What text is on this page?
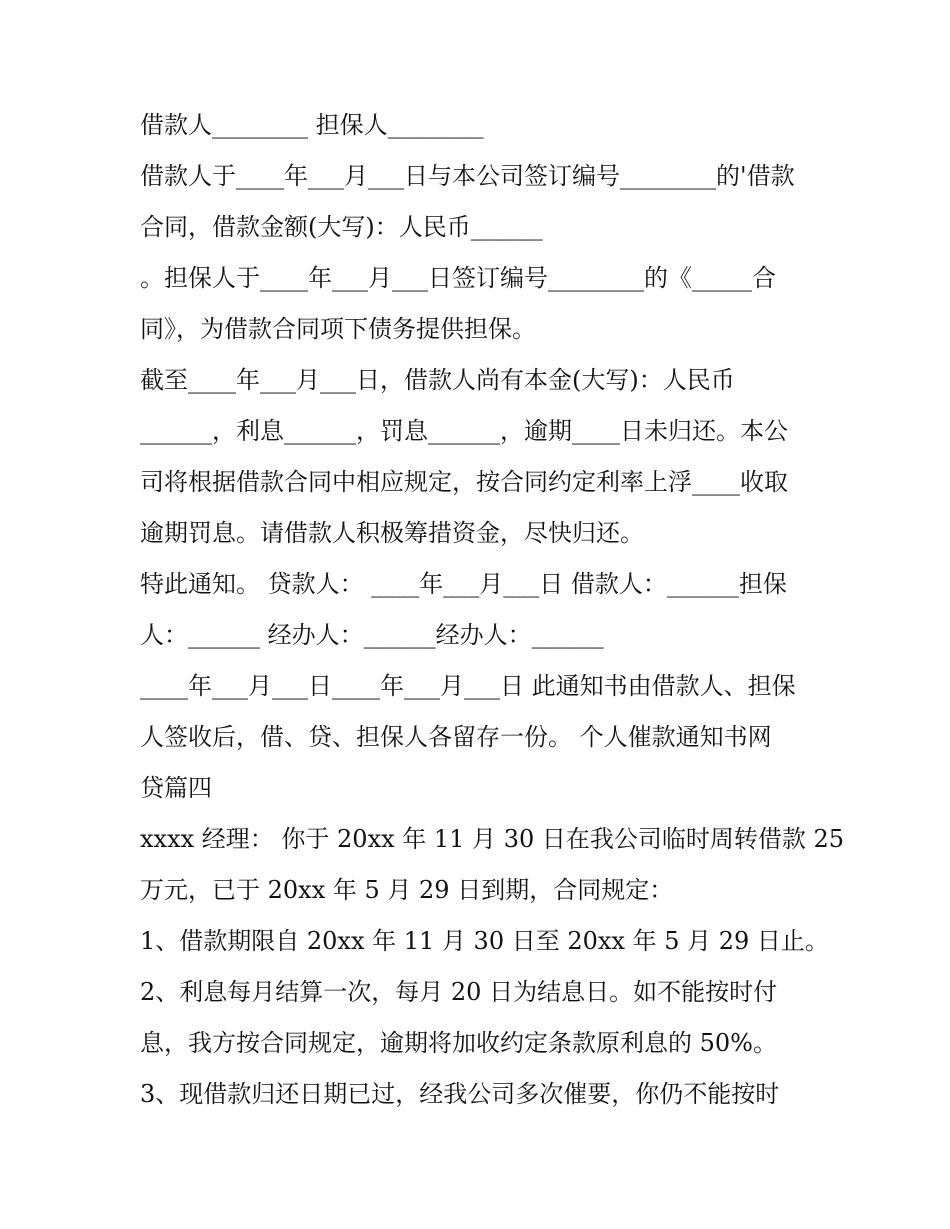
借款人________ 担保人________
借款人于____年___月___日与本公司签订编号________的'借款
合同，借款金额(大写)：人民币______
。担保人于____年___月___日签订编号________的《_____合
同》，为借款合同项下债务提供担保。
截至____年___月___日，借款人尚有本金(大写)：人民币
______，利息______，罚息______，逾期____日未归还。本公
司将根据借款合同中相应规定，按合同约定利率上浮____收取
逾期罚息。请借款人积极筹措资金，尽快归还。
特此通知。 贷款人： ____年___月___日 借款人：______担保
人：______ 经办人：______经办人：______
____年___月___日____年___月___日 此通知书由借款人、担保
人签收后，借、贷、担保人各留存一份。 个人催款通知书网
贷篇四
xxxx 经理： 你于 20xx 年 11 月 30 日在我公司临时周转借款 25
万元，已于 20xx 年 5 月 29 日到期，合同规定：
1、借款期限自 20xx 年 11 月 30 日至 20xx 年 5 月 29 日止。
2、利息每月结算一次，每月 20 日为结息日。如不能按时付
息，我方按合同规定，逾期将加收约定条款原利息的 50%。
3、现借款归还日期已过，经我公司多次催要，你仍不能按时
